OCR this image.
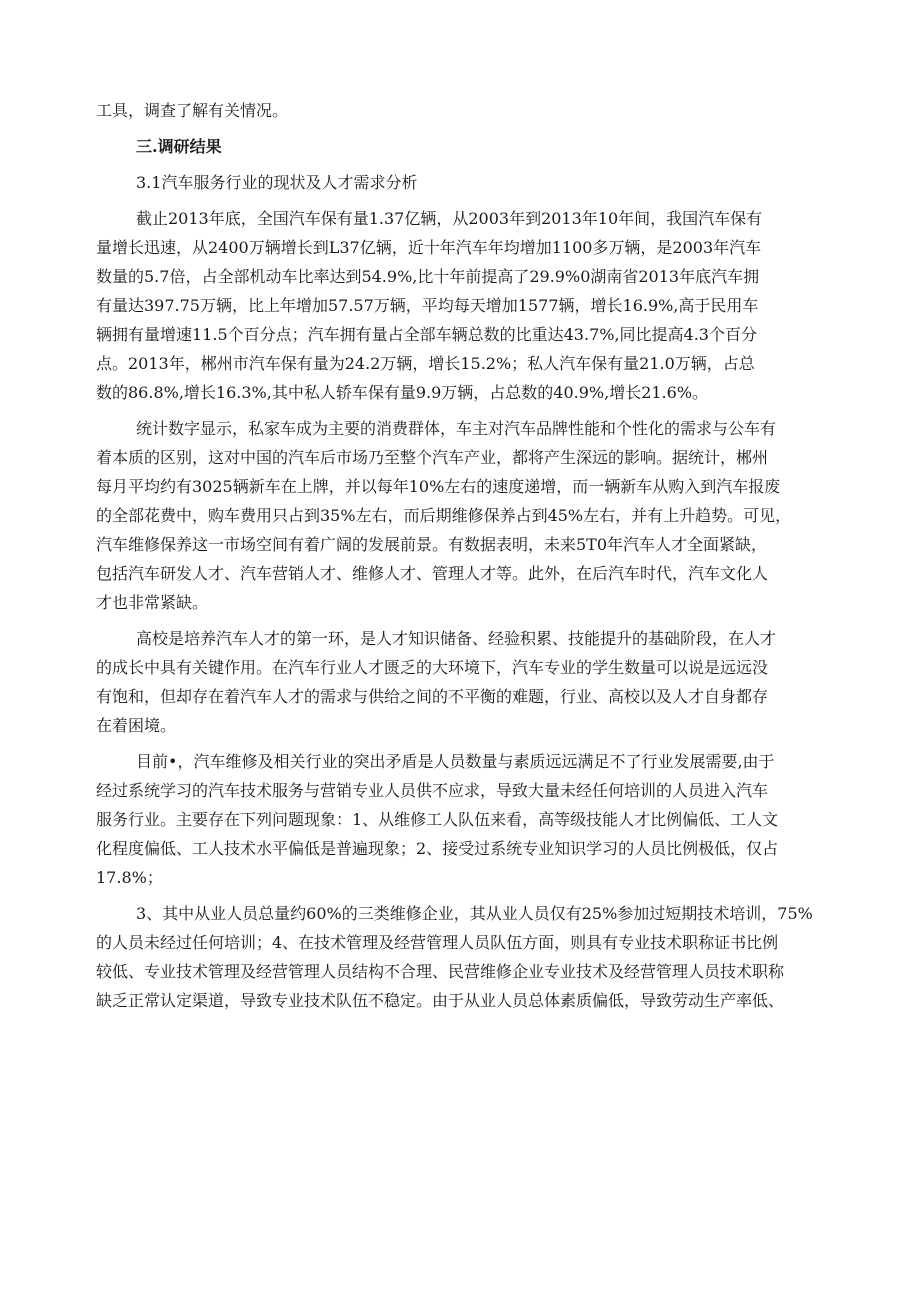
工具，调查了解有关情况。

三.调研结果

3.1汽车服务行业的现状及人才需求分析

截止2013年底，全国汽车保有量1.37亿辆，从2003年到2013年10年间，我国汽车保有

量增长迅速，从2400万辆增长到L37亿辆，近十年汽车年均增加1100多万辆，是2003年汽车

数量的5.7倍，占全部机动车比率达到54.9%,比十年前提高了29.9%0湖南省2013年底汽车拥

有量达397.75万辆，比上年增加57.57万辆，平均每天增加1577辆，增长16.9%,高于民用车

辆拥有量增速11.5个百分点；汽车拥有量占全部车辆总数的比重达43.7%,同比提高4.3个百分

点。2013年，郴州市汽车保有量为24.2万辆，增长15.2%；私人汽车保有量21.0万辆，占总

数的86.8%,增长16.3%,其中私人轿车保有量9.9万辆，占总数的40.9%,增长21.6%。

统计数字显示，私家车成为主要的消费群体，车主对汽车品牌性能和个性化的需求与公车有

着本质的区别，这对中国的汽车后市场乃至整个汽车产业，都将产生深远的影响。据统计，郴州

每月平均约有3025辆新车在上牌，并以每年10%左右的速度递增，而一辆新车从购入到汽车报废

的全部花费中，购车费用只占到35%左右，而后期维修保养占到45%左右，并有上升趋势。可见，

汽车维修保养这一市场空间有着广阔的发展前景。有数据表明，未来5T0年汽车人才全面紧缺，

包括汽车研发人才、汽车营销人才、维修人才、管理人才等。此外，在后汽车时代，汽车文化人

才也非常紧缺。

高校是培养汽车人才的第一环，是人才知识储备、经验积累、技能提升的基础阶段，在人才

的成长中具有关键作用。在汽车行业人才匮乏的大环境下，汽车专业的学生数量可以说是远远没

有饱和，但却存在着汽车人才的需求与供给之间的不平衡的难题，行业、高校以及人才自身都存

在着困境。

目前•，汽车维修及相关行业的突出矛盾是人员数量与素质远远满足不了行业发展需要,由于

经过系统学习的汽车技术服务与营销专业人员供不应求，导致大量未经任何培训的人员进入汽车

服务行业。主要存在下列问题现象：1、从维修工人队伍来看，高等级技能人才比例偏低、工人文

化程度偏低、工人技术水平偏低是普遍现象；2、接受过系统专业知识学习的人员比例极低，仅占

17.8%；

3、其中从业人员总量约60%的三类维修企业，其从业人员仅有25%参加过短期技术培训，75%

的人员未经过任何培训；4、在技术管理及经营管理人员队伍方面，则具有专业技术职称证书比例

较低、专业技术管理及经营管理人员结构不合理、民营维修企业专业技术及经营管理人员技术职称

缺乏正常认定渠道，导致专业技术队伍不稳定。由于从业人员总体素质偏低，导致劳动生产率低、
